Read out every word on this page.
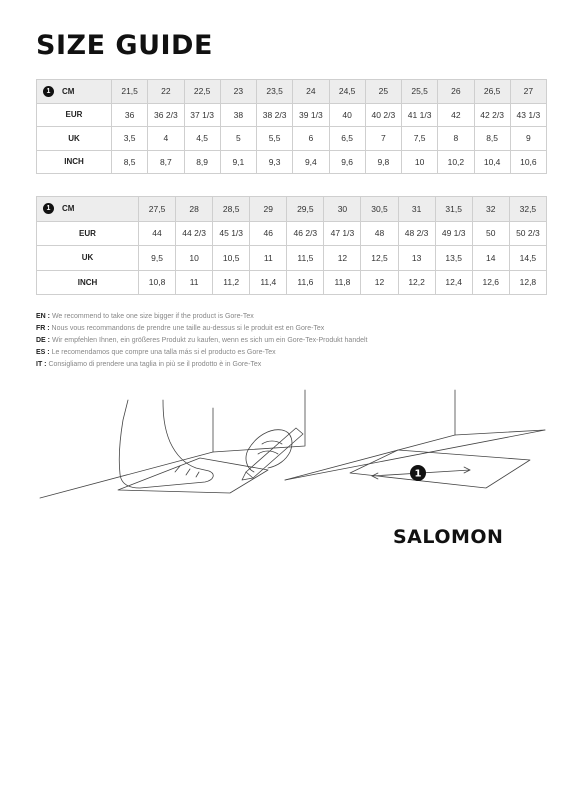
SIZE GUIDE
1 CM	21,5	22	22,5	23	23,5	24	24,5	25	25,5	26	26,5	27
EUR	36	36 2/3	37 1/3	38	38 2/3	39 1/3	40	40 2/3	41 1/3	42	42 2/3	43 1/3
UK	3,5	4	4,5	5	5,5	6	6,5	7	7,5	8	8,5	9
INCH	8,5	8,7	8,9	9,1	9,3	9,4	9,6	9,8	10	10,2	10,4	10,6
1 CM	27,5	28	28,5	29	29,5	30	30,5	31	31,5	32	32,5
EUR	44	44 2/3	45 1/3	46	46 2/3	47 1/3	48	48 2/3	49 1/3	50	50 2/3
UK	9,5	10	10,5	11	11,5	12	12,5	13	13,5	14	14,5
INCH	10,8	11	11,2	11,4	11,6	11,8	12	12,2	12,4	12,6	12,8
EN : We recommend to take one size bigger if the product is Gore-Tex
FR : Nous vous recommandons de prendre une taille au-dessus si le produit est en Gore-Tex
DE : Wir empfehlen Ihnen, ein größeres Produkt zu kaufen, wenn es sich um ein Gore-Tex-Produkt handelt
ES : Le recomendamos que compre una talla más si el producto es Gore-Tex
IT : Consigliamo di prendere una taglia in più se il prodotto è in Gore-Tex
1
SALOMON
